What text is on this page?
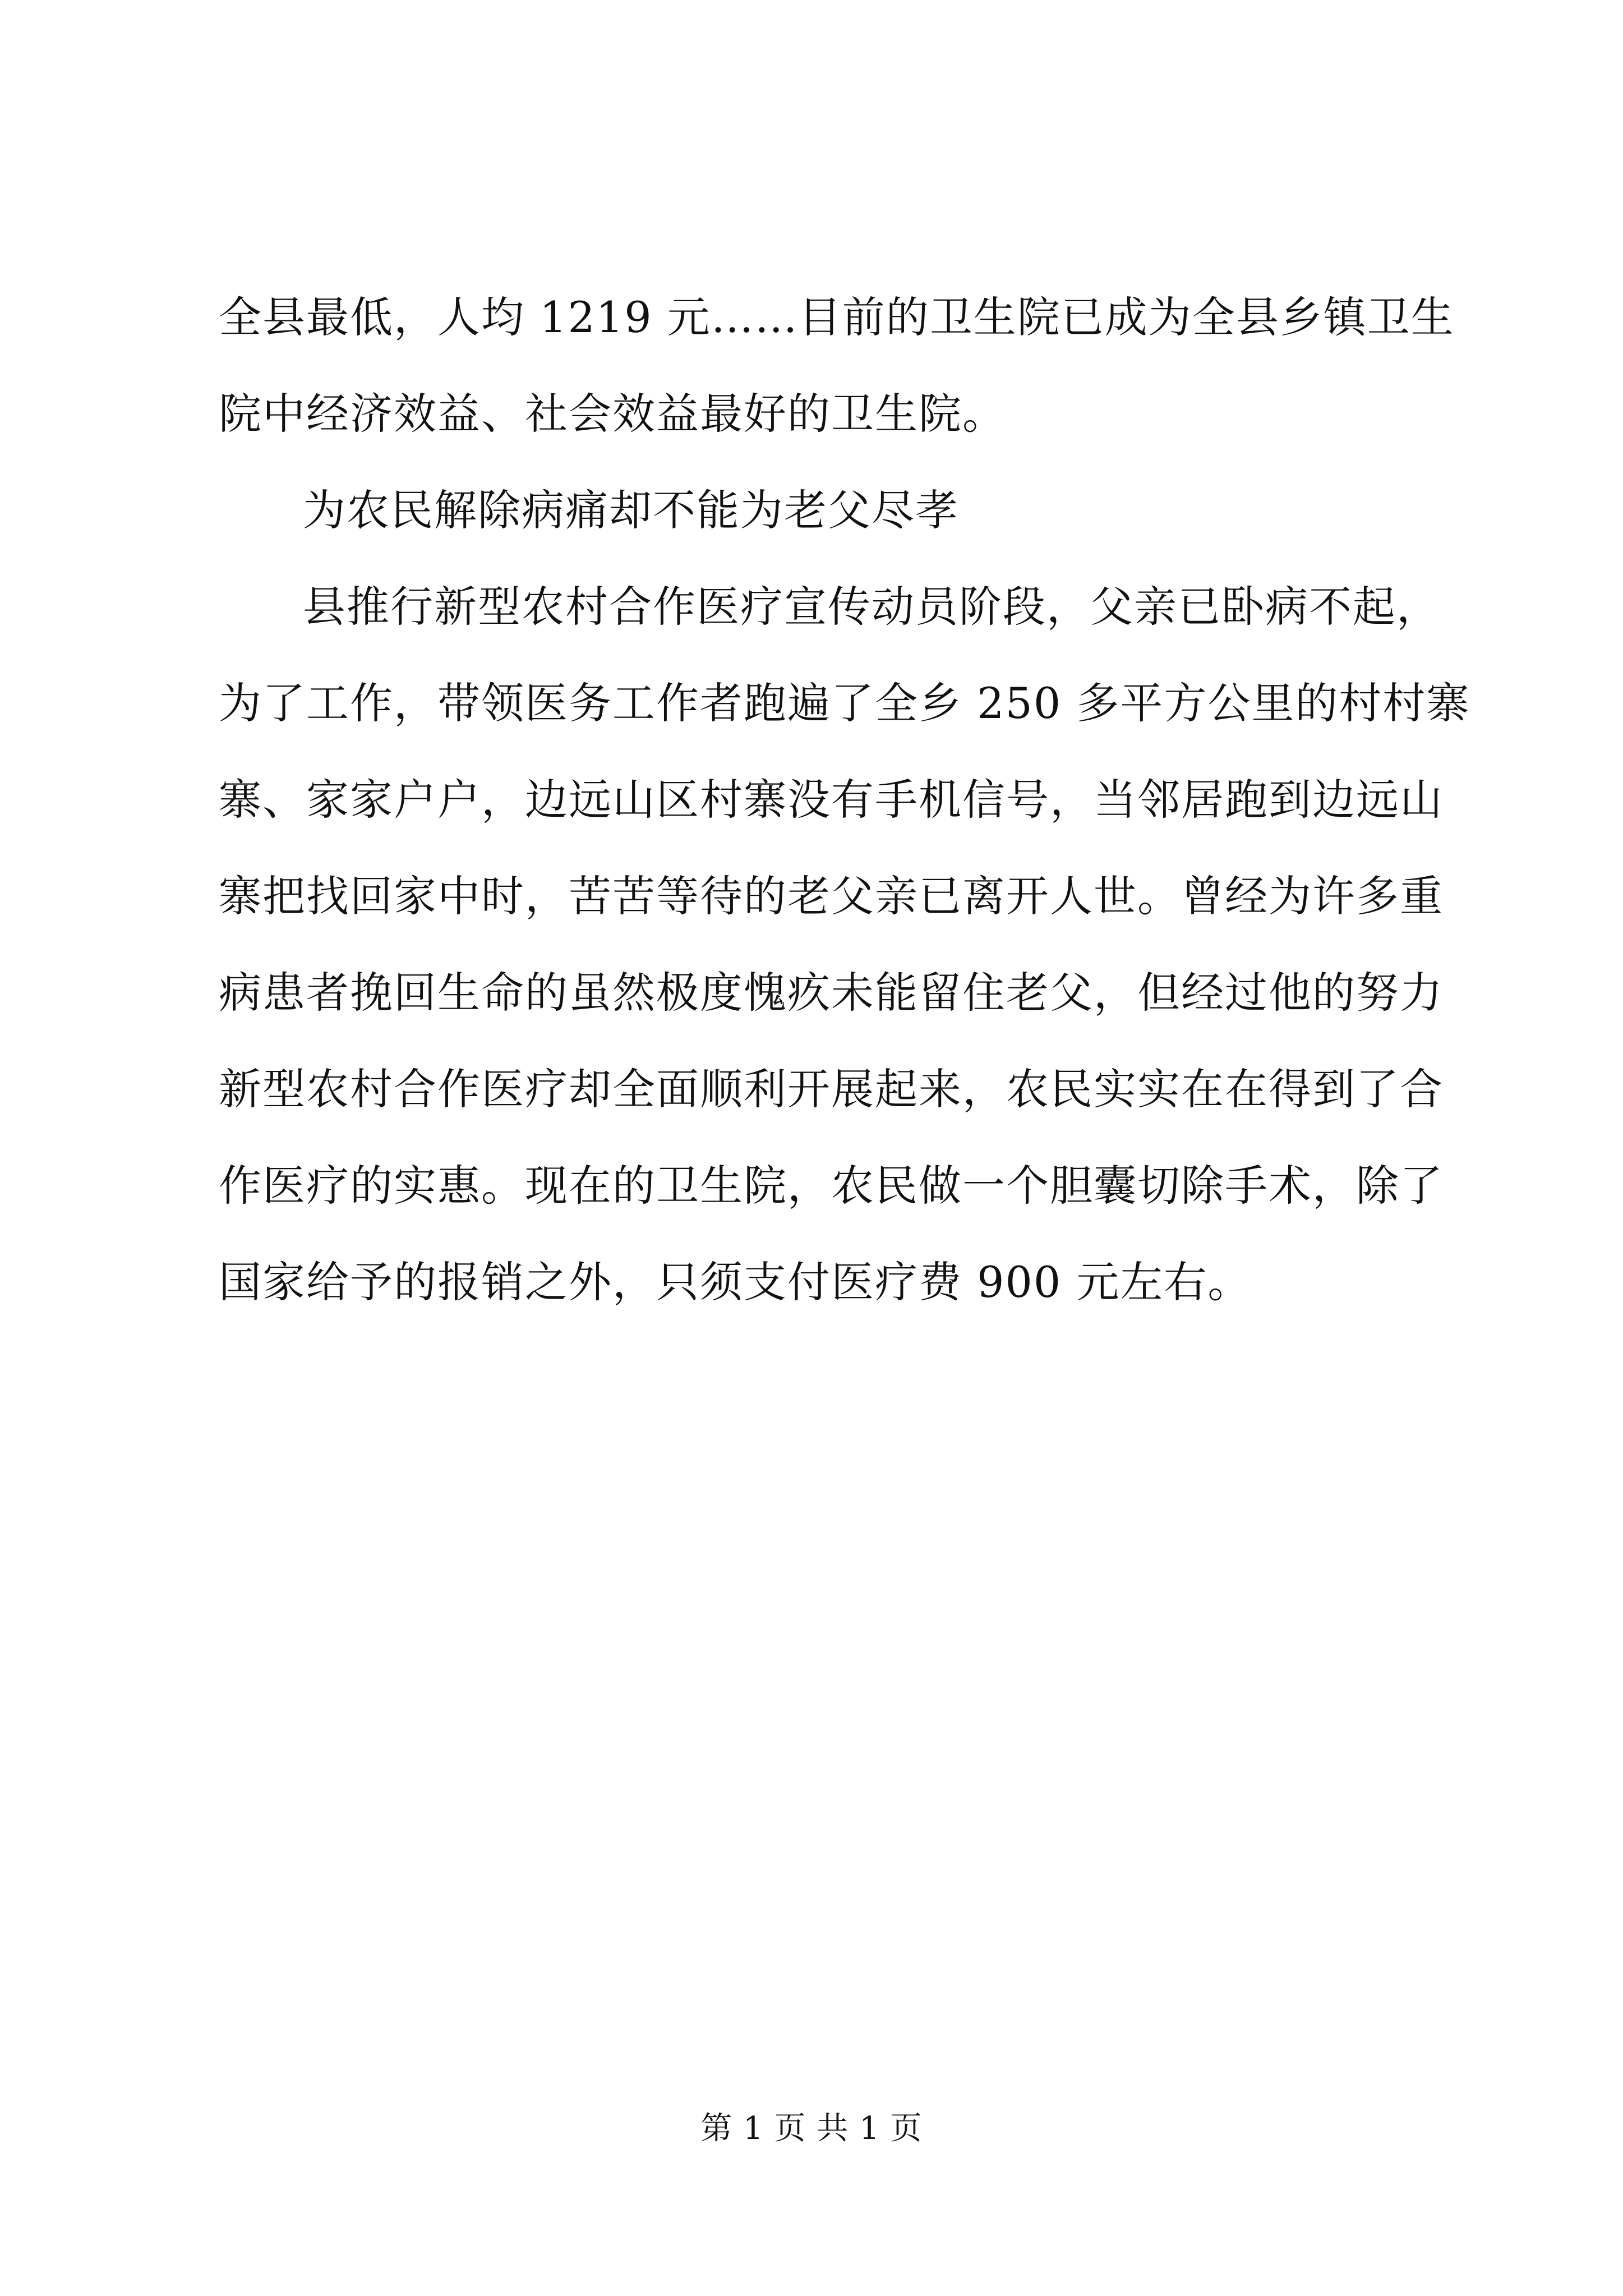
全县最低，人均 1219 元……目前的卫生院已成为全县乡镇卫生
院中经济效益、社会效益最好的卫生院。
为农民解除病痛却不能为老父尽孝
县推行新型农村合作医疗宣传动员阶段，父亲已卧病不起，
为了工作，带领医务工作者跑遍了全乡 250 多平方公里的村村寨
寨、家家户户，边远山区村寨没有手机信号，当邻居跑到边远山
寨把找回家中时，苦苦等待的老父亲已离开人世。曾经为许多重
病患者挽回生命的虽然极度愧疚未能留住老父，但经过他的努力
新型农村合作医疗却全面顺利开展起来，农民实实在在得到了合
作医疗的实惠。现在的卫生院，农民做一个胆囊切除手术，除了
国家给予的报销之外，只须支付医疗费 900 元左右。
第 1 页 共 1 页
